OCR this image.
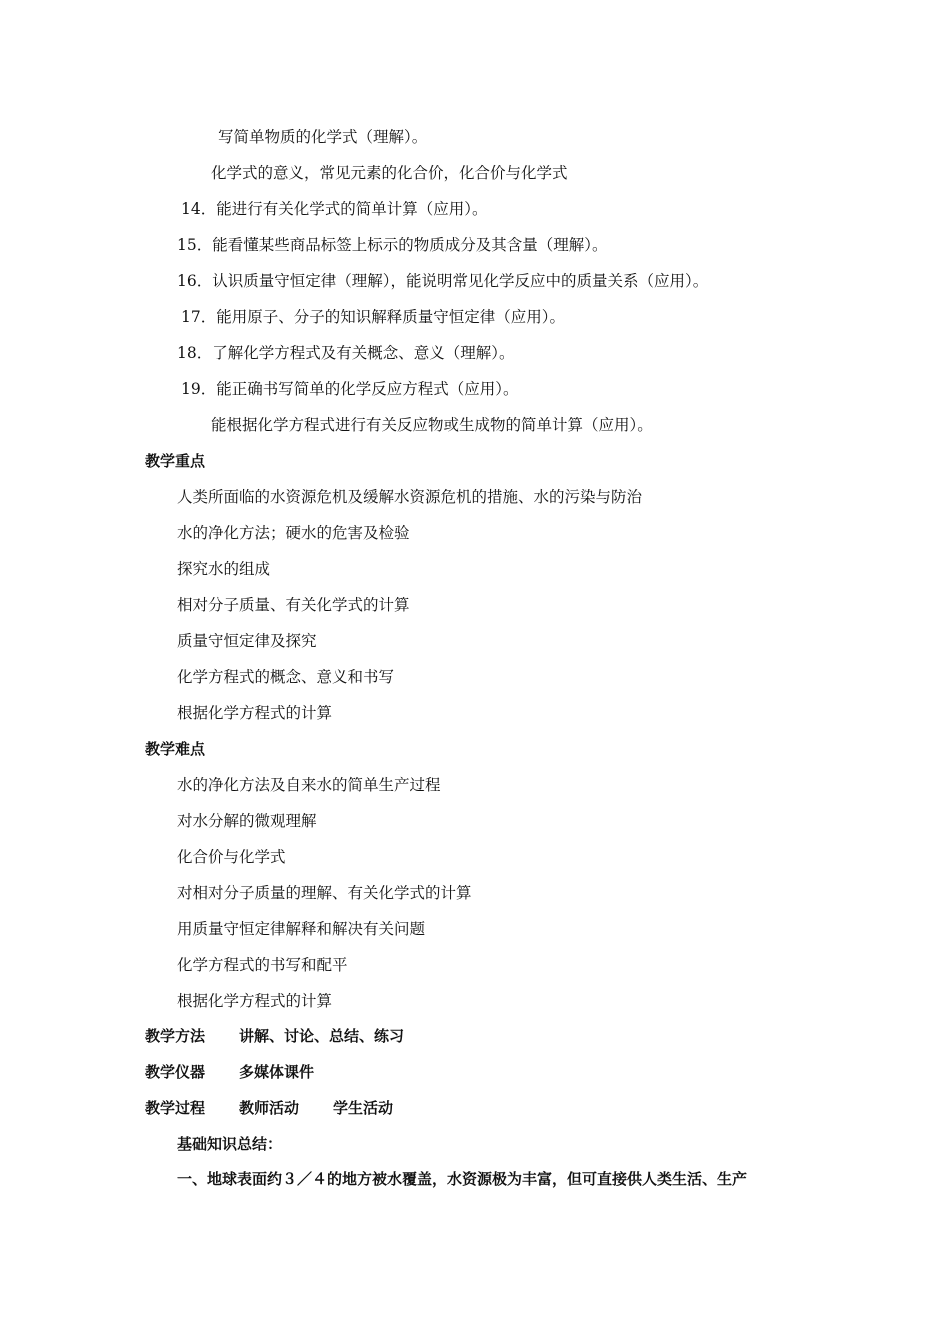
写简单物质的化学式（理解）。
化学式的意义，常见元素的化合价，化合价与化学式
14．能进行有关化学式的简单计算（应用）。
15．能看懂某些商品标签上标示的物质成分及其含量（理解）。
16．认识质量守恒定律（理解），能说明常见化学反应中的质量关系（应用）。
17．能用原子、分子的知识解释质量守恒定律（应用）。
18．了解化学方程式及有关概念、意义（理解）。
19．能正确书写简单的化学反应方程式（应用）。
能根据化学方程式进行有关反应物或生成物的简单计算（应用）。
教学重点
人类所面临的水资源危机及缓解水资源危机的措施、水的污染与防治
水的净化方法；硬水的危害及检验
探究水的组成
相对分子质量、有关化学式的计算
质量守恒定律及探究
化学方程式的概念、意义和书写
根据化学方程式的计算
教学难点
水的净化方法及自来水的简单生产过程
对水分解的微观理解
化合价与化学式
对相对分子质量的理解、有关化学式的计算
用质量守恒定律解释和解决有关问题
化学方程式的书写和配平
根据化学方程式的计算
教学方法 讲解、讨论、总结、练习
教学仪器 多媒体课件
教学过程 教师活动 学生活动
基础知识总结：
一、地球表面约３／４的地方被水覆盖，水资源极为丰富，但可直接供人类生活、生产
